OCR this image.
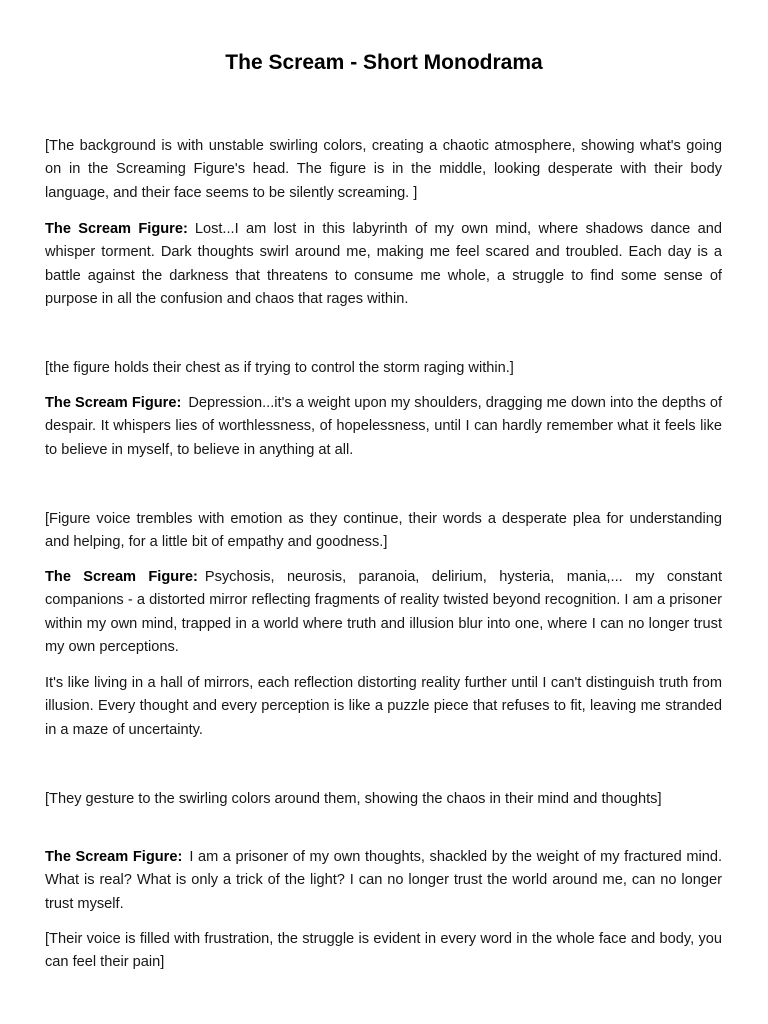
The Scream - Short Monodrama

[The background is with unstable swirling colors, creating a chaotic atmosphere, showing what's going on in the Screaming Figure's head. The figure is in the middle, looking desperate with their body language, and their face seems to be silently screaming. ]

The Scream Figure: Lost...I am lost in this labyrinth of my own mind, where shadows dance and whisper torment. Dark thoughts swirl around me, making me feel scared and troubled. Each day is a battle against the darkness that threatens to consume me whole, a struggle to find some sense of purpose in all the confusion and chaos that rages within.

[the figure holds their chest as if trying to control the storm raging within.]

The Scream Figure: Depression...it's a weight upon my shoulders, dragging me down into the depths of despair. It whispers lies of worthlessness, of hopelessness, until I can hardly remember what it feels like to believe in myself, to believe in anything at all.

[Figure voice trembles with emotion as they continue, their words a desperate plea for understanding and helping, for a little bit of empathy and goodness.]

The Scream Figure: Psychosis, neurosis, paranoia, delirium, hysteria, mania,... my constant companions - a distorted mirror reflecting fragments of reality twisted beyond recognition. I am a prisoner within my own mind, trapped in a world where truth and illusion blur into one, where I can no longer trust my own perceptions.

It's like living in a hall of mirrors, each reflection distorting reality further until I can't distinguish truth from illusion. Every thought and every perception is like a puzzle piece that refuses to fit, leaving me stranded in a maze of uncertainty.

[They gesture to the swirling colors around them, showing the chaos in their mind and thoughts]

The Scream Figure: I am a prisoner of my own thoughts, shackled by the weight of my fractured mind. What is real? What is only a trick of the light? I can no longer trust the world around me, can no longer trust myself.

[Their voice is filled with frustration, the struggle is evident in every word in the whole face and body, you can feel their pain]
